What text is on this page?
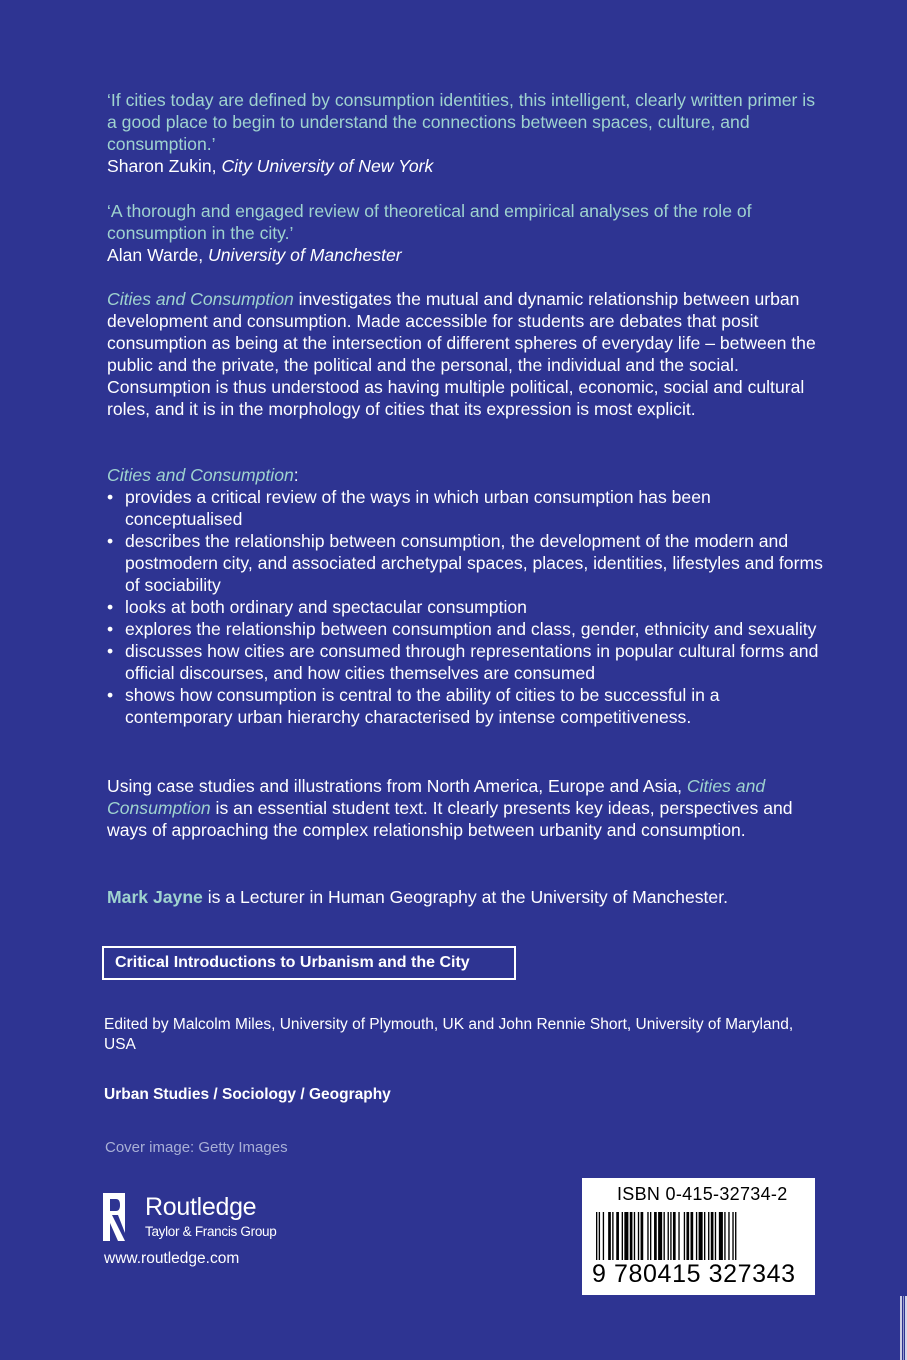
‘If cities today are defined by consumption identities, this intelligent, clearly written primer is a good place to begin to understand the connections between spaces, culture, and consumption.’
Sharon Zukin, City University of New York
‘A thorough and engaged review of theoretical and empirical analyses of the role of consumption in the city.’
Alan Warde, University of Manchester
Cities and Consumption investigates the mutual and dynamic relationship between urban development and consumption. Made accessible for students are debates that posit consumption as being at the intersection of different spheres of everyday life – between the public and the private, the political and the personal, the individual and the social. Consumption is thus understood as having multiple political, economic, social and cultural roles, and it is in the morphology of cities that its expression is most explicit.
Cities and Consumption:
• provides a critical review of the ways in which urban consumption has been conceptualised
• describes the relationship between consumption, the development of the modern and postmodern city, and associated archetypal spaces, places, identities, lifestyles and forms of sociability
• looks at both ordinary and spectacular consumption
• explores the relationship between consumption and class, gender, ethnicity and sexuality
• discusses how cities are consumed through representations in popular cultural forms and official discourses, and how cities themselves are consumed
• shows how consumption is central to the ability of cities to be successful in a contemporary urban hierarchy characterised by intense competitiveness.
Using case studies and illustrations from North America, Europe and Asia, Cities and Consumption is an essential student text. It clearly presents key ideas, perspectives and ways of approaching the complex relationship between urbanity and consumption.
Mark Jayne is a Lecturer in Human Geography at the University of Manchester.
Critical Introductions to Urbanism and the City
Edited by Malcolm Miles, University of Plymouth, UK and John Rennie Short, University of Maryland, USA
Urban Studies / Sociology / Geography
Cover image: Getty Images
Routledge
Taylor & Francis Group
www.routledge.com
ISBN 0-415-32734-2
9 780415 327343
